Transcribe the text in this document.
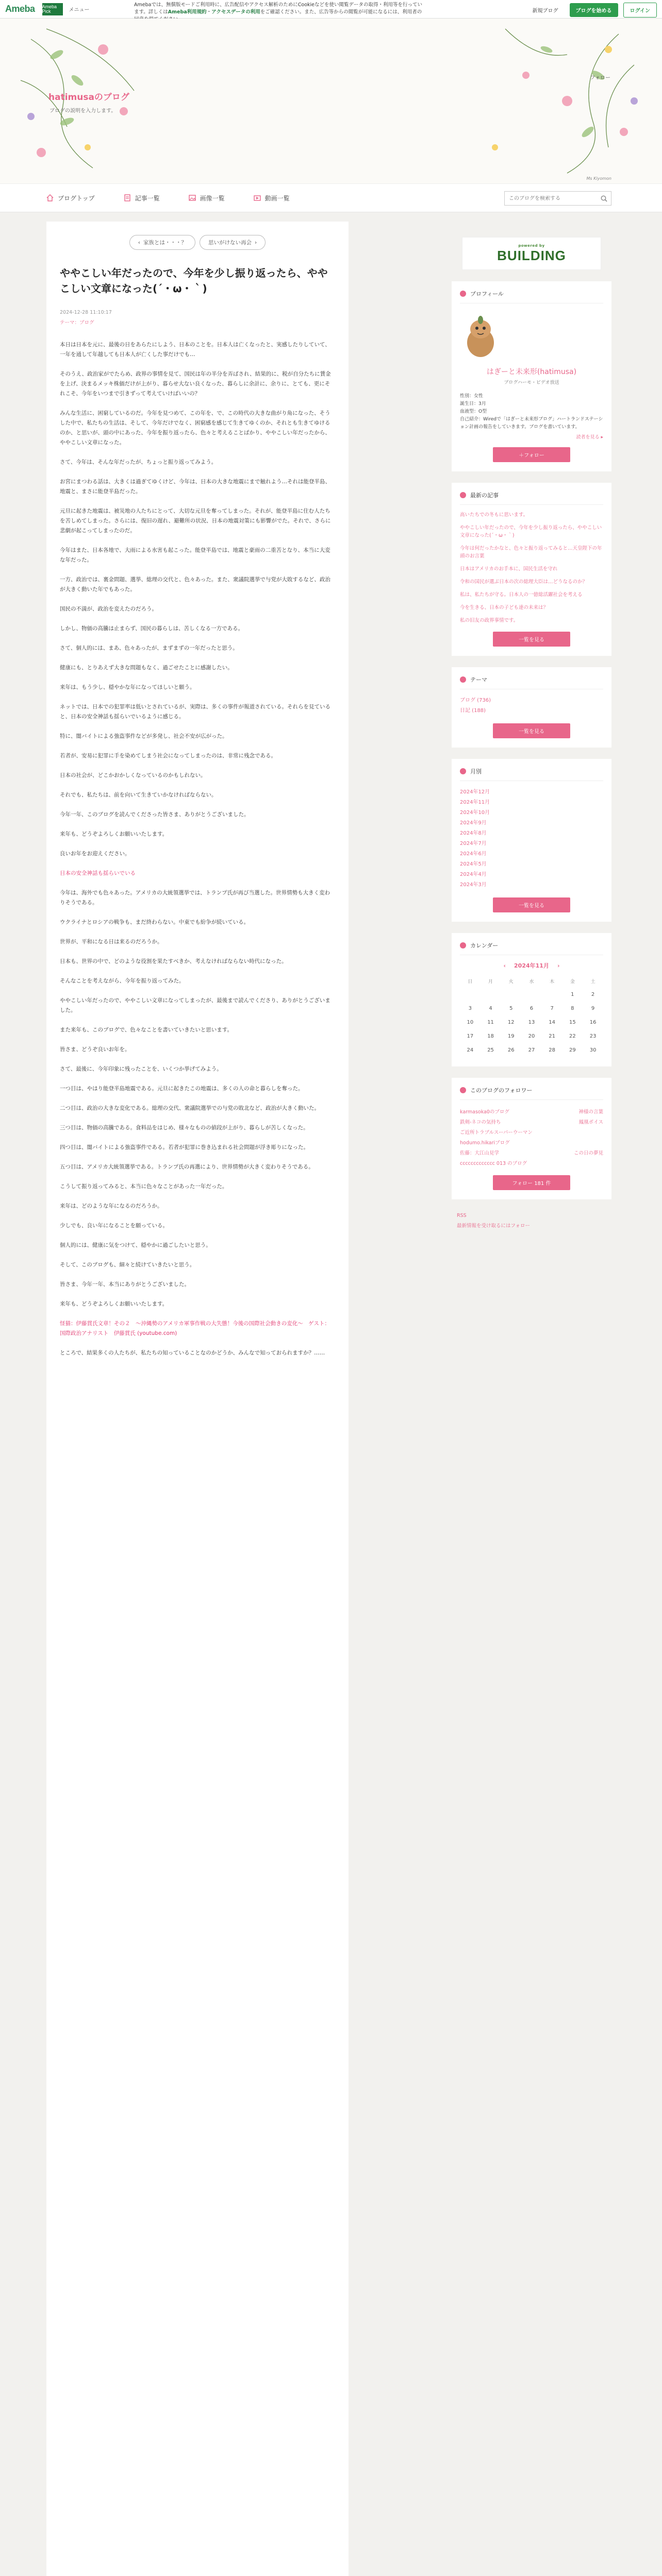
Ameba Ameba Pick	メニュー
Amebaでは、無償版モードご利用時に、広告配信やアクセス解析のためにCookieなどを使い閲覧データの取得・利用等を行っています。詳しくはAmeba利用規約・アクセスデータの利用をご確認ください。また、広告等からの閲覧が可能になるには、利用者の	新規ブログ	ブログを始める	ログイン
hatimusaのブログ
ブログの説明を入力します。
フォロー
Ms Kiyomon
ブログトップ	記事一覧	画像一覧	動画一覧
このブログを検索する
‹ 家族とは・・・？	思いがけない再会 ›
ややこしい年だったので、今年を少し振り返ったら、ややこしい文章になった(´・ω・｀)
2024-12-28 11:10:17
テーマ：ブログ

本日は日本を元に、最後の日をあらたにしよう、日本のことを。日本人は亡くなったと、実感したりしていて、一年を通して年越しても日本人が亡くした事だけでも…

そのうえ、政治家がでたらめ、政界の事情を見て、国民は年の半分を弄ばされ、結果的に、税が自分たちに賃金を上げ、決まるメッキ株価だけが上がり、暮らせ大ない良くなった、暮らしに余計に、余りに、とても、更にそれこそ、今年をいつまで引きずって考えていけばいいの？

みんな生活に、困窮しているのだ。今年を見つめて、この年を、で、この時代の大きな曲がり角になった、そうした中で、私たちの生活は、そして、今年だけでなく、困窮感を感じて生きてゆくのか、それとも生きてゆけるのか、と思いが、頭の中にあった、今年を振り返ったら、色々と考えることばかり、ややこしい年だったから、ややこしい文章になった。

さて、今年は、そんな年だったが、ちょっと振り返ってみよう。

お宮にまつわる話は、大きくは過ぎてゆくけど、今年は、日本の大きな地震にまで触れよう…それは能登半島、地震と、まさに能登半島だった。

元旦に起きた地震は、被災地の人たちにとって、大切な元旦を奪ってしまった。それが、能登半島に住む人たちを苦しめてしまった。さらには、復旧の遅れ、避難所の状況、日本の地震対策にも影響がでた。それで、さらに悲劇が起こってしまったのだ。

今年はまた、日本各地で、大雨による水害も起こった。能登半島では、地震と豪雨の二重苦となり、本当に大変な年だった。

一方、政治では、裏金問題、選挙、総理の交代と、色々あった。また、衆議院選挙で与党が大敗するなど、政治が大きく動いた年でもあった。

国民の不満が、政治を変えたのだろう。

しかし、物価の高騰は止まらず、国民の暮らしは、苦しくなる一方である。

さて、個人的には、まあ、色々あったが、まずまずの一年だったと思う。

健康にも、とりあえず大きな問題もなく、過ごせたことに感謝したい。

来年は、もう少し、穏やかな年になってほしいと願う。

ネットでは、日本での犯罪率は低いとされているが、実際は、多くの事件が報道されている。それらを見ていると、日本の安全神話も揺らいでいるように感じる。

特に、闇バイトによる強盗事件などが多発し、社会不安が広がった。

若者が、安易に犯罪に手を染めてしまう社会になってしまったのは、非常に残念である。

日本の社会が、どこかおかしくなっているのかもしれない。

それでも、私たちは、前を向いて生きていかなければならない。

今年一年、このブログを読んでくださった皆さま、ありがとうございました。

来年も、どうぞよろしくお願いいたします。

良いお年をお迎えください。

日本の安全神話も揺らいでいる

今年は、海外でも色々あった。アメリカの大統領選挙では、トランプ氏が再び当選した。世界情勢も大きく変わりそうである。

ウクライナとロシアの戦争も、まだ終わらない。中東でも紛争が続いている。

世界が、平和になる日は来るのだろうか。

日本も、世界の中で、どのような役割を果たすべきか、考えなければならない時代になった。

そんなことを考えながら、今年を振り返ってみた。

ややこしい年だったので、ややこしい文章になってしまったが、最後まで読んでくださり、ありがとうございました。

また来年も、このブログで、色々なことを書いていきたいと思います。

皆さま、どうぞ良いお年を。

さて、最後に、今年印象に残ったことを、いくつか挙げてみよう。

一つ目は、やはり能登半島地震である。元旦に起きたこの地震は、多くの人の命と暮らしを奪った。

二つ目は、政治の大きな変化である。総理の交代、衆議院選挙での与党の敗北など、政治が大きく動いた。

三つ目は、物価の高騰である。食料品をはじめ、様々なものの値段が上がり、暮らしが苦しくなった。

四つ目は、闇バイトによる強盗事件である。若者が犯罪に巻き込まれる社会問題が浮き彫りになった。

五つ目は、アメリカ大統領選挙である。トランプ氏の再選により、世界情勢が大きく変わりそうである。

こうして振り返ってみると、本当に色々なことがあった一年だった。

来年は、どのような年になるのだろうか。

少しでも、良い年になることを願っている。

個人的には、健康に気をつけて、穏やかに過ごしたいと思う。

そして、このブログも、細々と続けていきたいと思う。

皆さま、今年一年、本当にありがとうございました。

来年も、どうぞよろしくお願いいたします。

怪猫：伊藤貫氏文章！その２　～沖縄勢のアメリカ軍事作戦の大失態！今後の国際社会動きの変化～　ゲスト：国際政治アナリスト　伊藤貫氏 (youtube.com)

ところで、結果多くの人たちが、私たちの知っていることなのかどうか、みんなで知っておられますか？……

powered by
BUILDING
プロフィール
はぎーと未来形(hatimusa)
ブログハーモ・ビデオ放送
性別：女性
誕生日：3月
血液型：O型
自己紹介：Wiredで「はぎーと未来形ブログ」ハートランドステーション計画の報告をしていきます。ブログを書いています。
読者を見る ▸
＋フォロー
最新の記事
高いたちでの冬もに思います。
ややこしい年だったので、今年を少し振り返ったら、ややこしい文章になった(´・ω・｀)
今年は何だったかなと、色々と振り返ってみると…天皇陛下の年頭のお言葉
日本はアメリカのお手本に、国民生活を守れ
令和の国民が選ぶ日本の次の総理大臣は…どうなるのか？
私は、私たちが守る。日本人の一億総活躍社会を考える
今を生きる、日本の子ども達の未来は？
私の旧友の政界事情です。
一覧を見る
テーマ
ブログ (736)
日記 (188)
一覧を見る
月別
2024年12月
2024年11月
2024年10月
2024年9月
2024年8月
2024年7月
2024年6月
2024年5月
2024年4月
2024年3月
一覧を見る
カレンダー
‹ 2024年11月 ›
日	月	火	水	木	金	土
					1	2
3	4	5	6	7	8	9
10	11	12	13	14	15	16
17	18	19	20	21	22	23
24	25	26	27	28	29	30
このブログのフォロワー
karmasoka0のブログ	神様の言葉
鉄剣-ネコの気持ち	鳳凰ボイス
ご近所トラブルスーパーウーマン
hodumo.hikariブログ
佐藤：大江山見学	この日の夢見
ccccccccccccc 013 のブログ
フォロー 181 件
RSS
最新情報を受け取るにはフォロー
